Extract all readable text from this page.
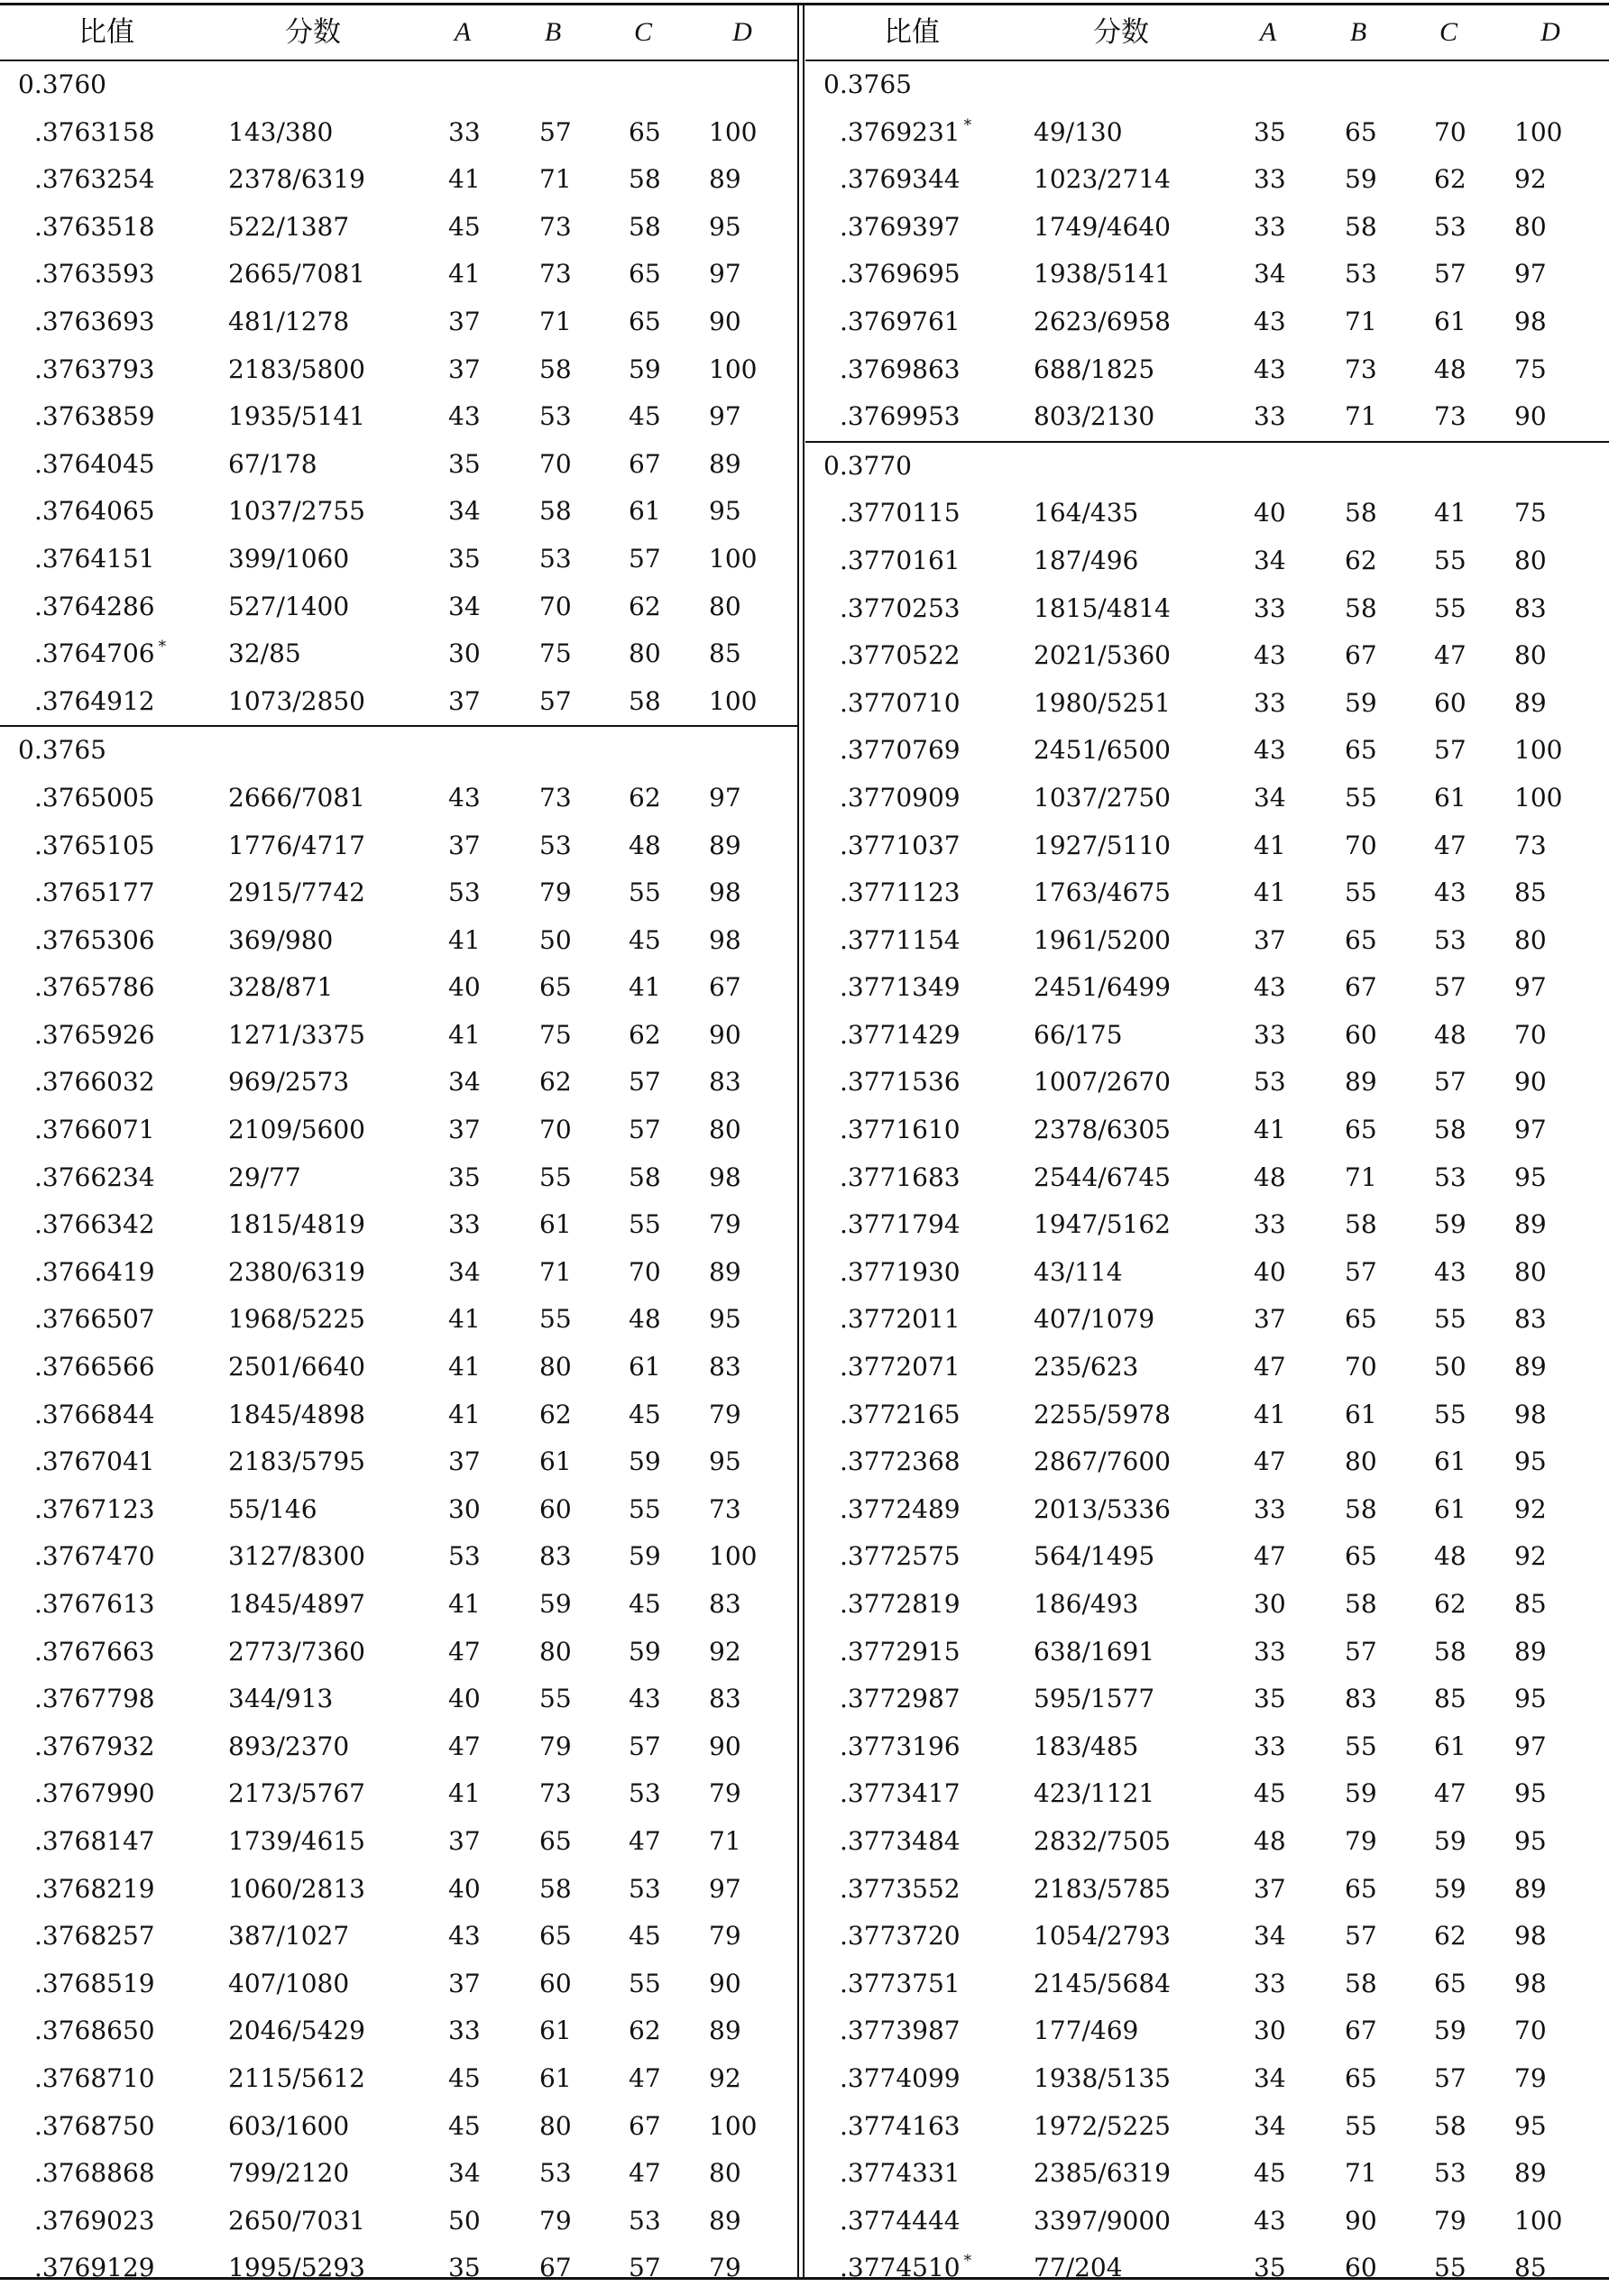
比值	分数	A	B	C	D
0.3760
.3763158	143/380	33 57 65 100
.3763254	2378/6319	41 71 58 89
.3763518	522/1387	45 73 58 95
.3763593	2665/7081	41 73 65 97
.3763693	481/1278	37 71 65 90
.3763793	2183/5800	37 58 59 100
.3763859	1935/5141	43 53 45 97
.3764045	67/178	35 70 67 89
.3764065	1037/2755	34 58 61 95
.3764151	399/1060	35 53 57 100
.3764286	527/1400	34 70 62 80
.3764706 * 32/85	30 75 80 85
.3764912	1073/2850	37 57 58 100
0.3765
.3765005	2666/7081	43 73 62 97
.3765105	1776/4717	37 53 48 89
.3765177	2915/7742	53 79 55 98
.3765306	369/980	41 50 45 98
.3765786	328/871	40 65 41 67
.3765926	1271/3375	41 75 62 90
.3766032	969/2573	34 62 57 83
.3766071	2109/5600	37 70 57 80
.3766234	29/77	35 55 58 98
.3766342	1815/4819	33 61 55 79
.3766419	2380/6319	34 71 70 89
.3766507	1968/5225	41 55 48 95
.3766566	2501/6640	41 80 61 83
.3766844	1845/4898	41 62 45 79
.3767041	2183/5795	37 61 59 95
.3767123	55/146	30 60 55 73
.3767470	3127/8300	53 83 59 100
.3767613	1845/4897	41 59 45 83
.3767663	2773/7360	47 80 59 92
.3767798	344/913	40 55 43 83
.3767932	893/2370	47 79 57 90
.3767990	2173/5767	41 73 53 79
.3768147	1739/4615	37 65 47 71
.3768219	1060/2813	40 58 53 97
.3768257	387/1027	43 65 45 79
.3768519	407/1080	37 60 55 90
.3768650	2046/5429	33 61 62 89
.3768710	2115/5612	45 61 47 92
.3768750	603/1600	45 80 67 100
.3768868	799/2120	34 53 47 80
.3769023	2650/7031	50 79 53 89
.3769129	1995/5293	35 67 57 79
比值	分数	A	B	C	D
0.3765
.3769231 * 49/130	35 65 70 100
.3769344	1023/2714	33 59 62 92
.3769397	1749/4640	33 58 53 80
.3769695	1938/5141	34 53 57 97
.3769761	2623/6958	43 71 61 98
.3769863	688/1825	43 73 48 75
.3769953	803/2130	33 71 73 90
0.3770
.3770115	164/435	40 58 41 75
.3770161	187/496	34 62 55 80
.3770253	1815/4814	33 58 55 83
.3770522	2021/5360	43 67 47 80
.3770710	1980/5251	33 59 60 89
.3770769	2451/6500	43 65 57 100
.3770909	1037/2750	34 55 61 100
.3771037	1927/5110	41 70 47 73
.3771123	1763/4675	41 55 43 85
.3771154	1961/5200	37 65 53 80
.3771349	2451/6499	43 67 57 97
.3771429	66/175	33 60 48 70
.3771536	1007/2670	53 89 57 90
.3771610	2378/6305	41 65 58 97
.3771683	2544/6745	48 71 53 95
.3771794	1947/5162	33 58 59 89
.3771930	43/114	40 57 43 80
.3772011	407/1079	37 65 55 83
.3772071	235/623	47 70 50 89
.3772165	2255/5978	41 61 55 98
.3772368	2867/7600	47 80 61 95
.3772489	2013/5336	33 58 61 92
.3772575	564/1495	47 65 48 92
.3772819	186/493	30 58 62 85
.3772915	638/1691	33 57 58 89
.3772987	595/1577	35 83 85 95
.3773196	183/485	33 55 61 97
.3773417	423/1121	45 59 47 95
.3773484	2832/7505	48 79 59 95
.3773552	2183/5785	37 65 59 89
.3773720	1054/2793	34 57 62 98
.3773751	2145/5684	33 58 65 98
.3773987	177/469	30 67 59 70
.3774099	1938/5135	34 65 57 79
.3774163	1972/5225	34 55 58 95
.3774331	2385/6319	45 71 53 89
.3774444	3397/9000	43 90 79 100
.3774510 * 77/204	35 60 55 85
